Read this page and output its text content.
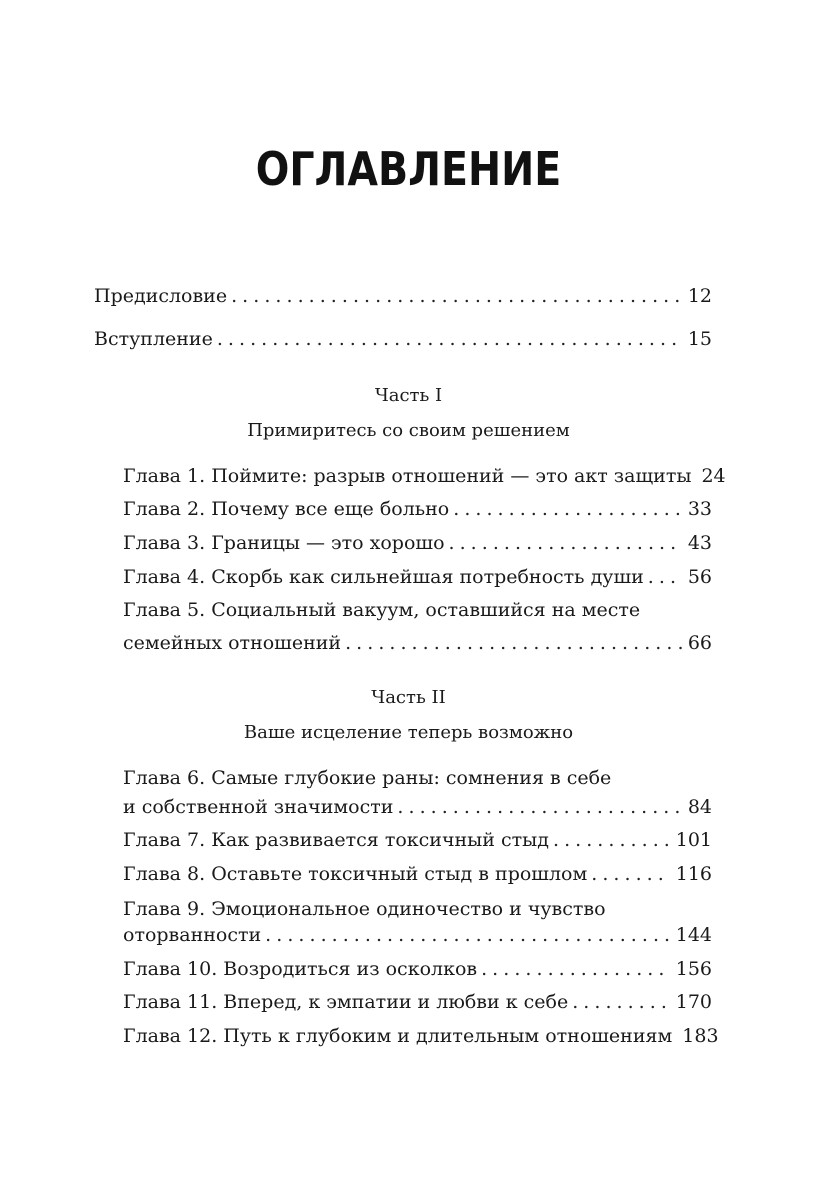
ОГЛАВЛЕНИЕ
Предисловие . . .	12
Вступление . . .	15
Часть I
Примиритесь со своим решением
Глава 1. Поймите: разрыв отношений — это акт защиты 24
Глава 2. Почему все еще больно . . .	33
Глава 3. Границы — это хорошо . . .	43
Глава 4. Скорбь как сильнейшая потребность души . . . 56
Глава 5. Социальный вакуум, оставшийся на месте
семейных отношений . . .	66
Часть II
Ваше исцеление теперь возможно
Глава 6. Самые глубокие раны: сомнения в себе
и собственной значимости . . .	84
Глава 7. Как развивается токсичный стыд . . .	101
Глава 8. Оставьте токсичный стыд в прошлом . . .	116
Глава 9. Эмоциональное одиночество и чувство
оторванности . . .	144
Глава 10. Возродиться из осколков . . .	156
Глава 11. Вперед, к эмпатии и любви к себе . . .	170
Глава 12. Путь к глубоким и длительным отношениям 183
